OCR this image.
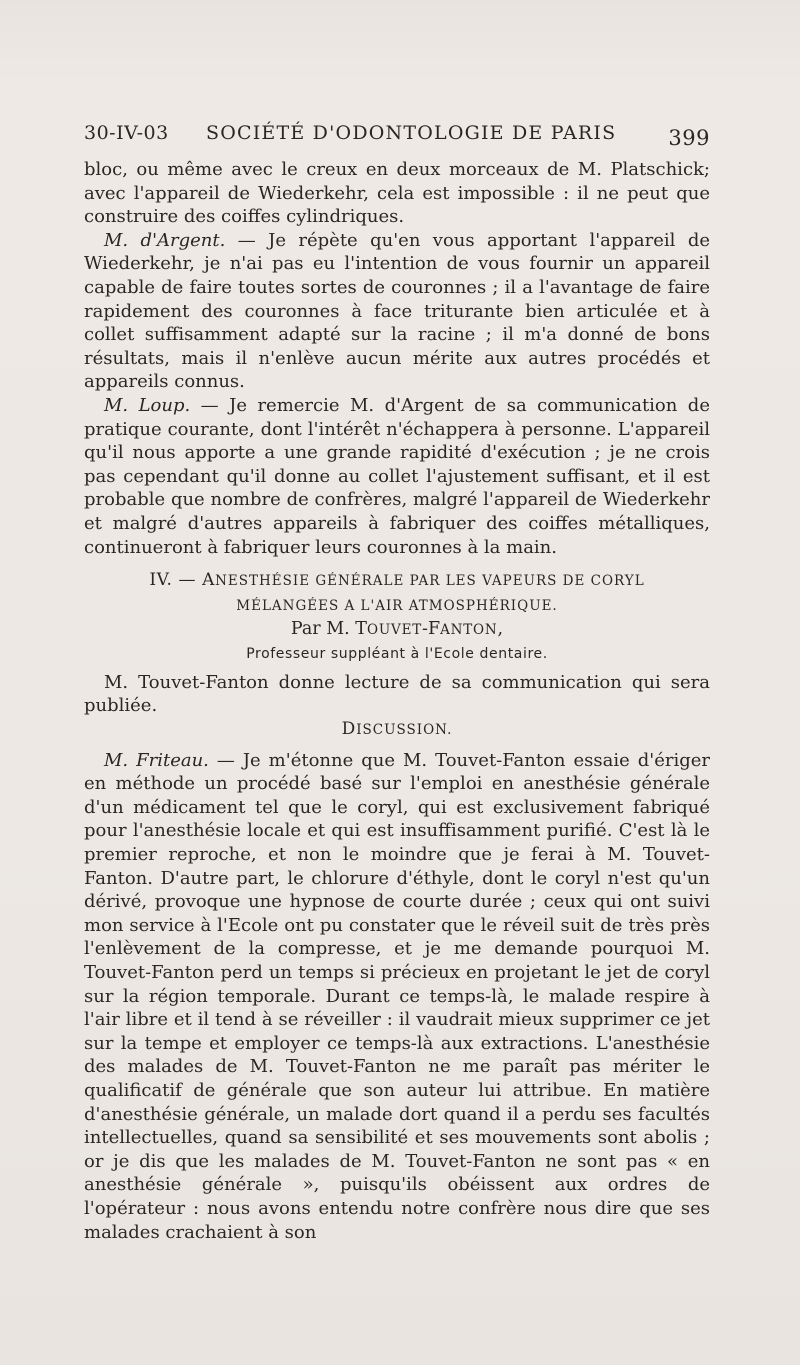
30-IV-03 SOCIÉTÉ D'ODONTOLOGIE DE PARIS 399

bloc, ou même avec le creux en deux morceaux de M. Platschick; avec l'appareil de Wiederkehr, cela est impossible : il ne peut que construire des coiffes cylindriques.

M. d'Argent. — Je répète qu'en vous apportant l'appareil de Wiederkehr, je n'ai pas eu l'intention de vous fournir un appareil capable de faire toutes sortes de couronnes ; il a l'avantage de faire rapidement des couronnes à face triturante bien articulée et à collet suffisamment adapté sur la racine ; il m'a donné de bons résultats, mais il n'enlève aucun mérite aux autres procédés et appareils connus.

M. Loup. — Je remercie M. d'Argent de sa communication de pratique courante, dont l'intérêt n'échappera à personne. L'appareil qu'il nous apporte a une grande rapidité d'exécution ; je ne crois pas cependant qu'il donne au collet l'ajustement suffisant, et il est probable que nombre de confrères, malgré l'appareil de Wiederkehr et malgré d'autres appareils à fabriquer des coiffes métalliques, continueront à fabriquer leurs couronnes à la main.

IV. — ANESTHÉSIE GÉNÉRALE PAR LES VAPEURS DE CORYL
MÉLANGÉES A L'AIR ATMOSPHÉRIQUE.
Par M. TOUVET-FANTON,
Professeur suppléant à l'Ecole dentaire.

M. Touvet-Fanton donne lecture de sa communication qui sera publiée.

DISCUSSION.

M. Friteau. — Je m'étonne que M. Touvet-Fanton essaie d'ériger en méthode un procédé basé sur l'emploi en anesthésie générale d'un médicament tel que le coryl, qui est exclusivement fabriqué pour l'anesthésie locale et qui est insuffisamment purifié. C'est là le premier reproche, et non le moindre que je ferai à M. Touvet-Fanton. D'autre part, le chlorure d'éthyle, dont le coryl n'est qu'un dérivé, provoque une hypnose de courte durée ; ceux qui ont suivi mon service à l'Ecole ont pu constater que le réveil suit de très près l'enlèvement de la compresse, et je me demande pourquoi M. Touvet-Fanton perd un temps si précieux en projetant le jet de coryl sur la région temporale. Durant ce temps-là, le malade respire à l'air libre et il tend à se réveiller : il vaudrait mieux supprimer ce jet sur la tempe et employer ce temps-là aux extractions. L'anesthésie des malades de M. Touvet-Fanton ne me paraît pas mériter le qualificatif de générale que son auteur lui attribue. En matière d'anesthésie générale, un malade dort quand il a perdu ses facultés intellectuelles, quand sa sensibilité et ses mouvements sont abolis ; or je dis que les malades de M. Touvet-Fanton ne sont pas « en anesthésie générale », puisqu'ils obéissent aux ordres de l'opérateur : nous avons entendu notre confrère nous dire que ses malades crachaient à son
